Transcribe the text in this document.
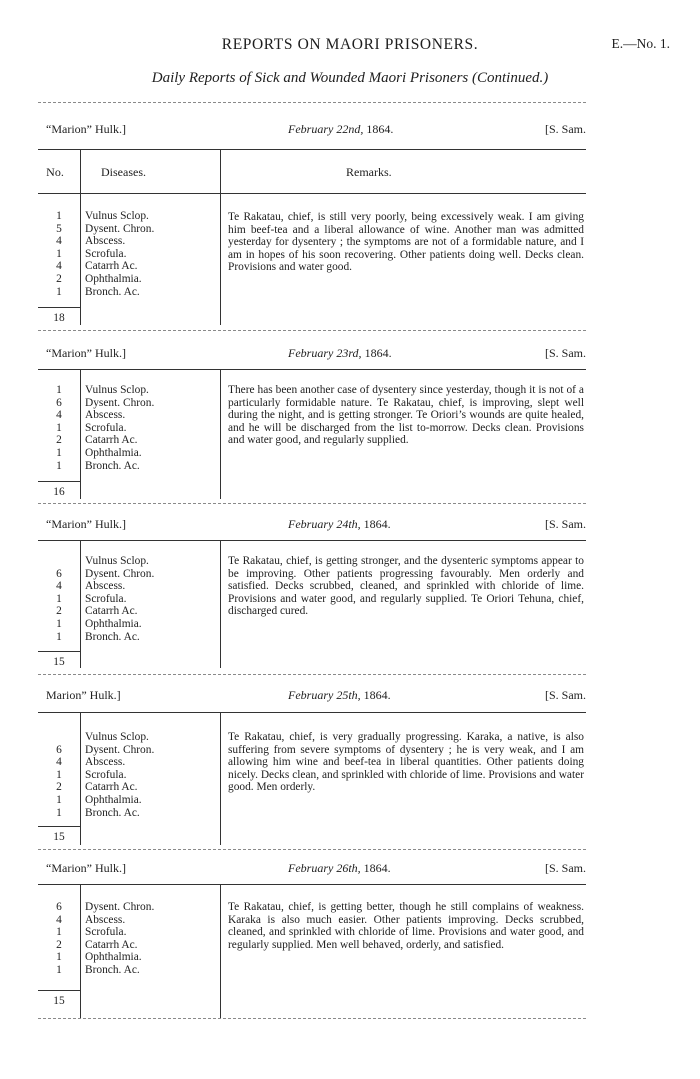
REPORTS ON MAORI PRISONERS.	E.—No. 1.
Daily Reports of Sick and Wounded Maori Prisoners (Continued.)
“Marion” Hulk.]	February 22nd, 1864.	[S. Sam.
No.	Diseases.	Remarks.
1	Vulnus Sclop.
5	Dysent. Chron.
4	Abscess.
1	Scrofula.
4	Catarrh Ac.
2	Ophthalmia.
1	Bronch. Ac.
Te Rakatau, chief, is still very poorly, being excessively weak. I am giving him beef-tea and a liberal allowance of wine. Another man was admitted yesterday for dysentery ; the symptoms are not of a formidable nature, and I am in hopes of his soon recovering. Other patients doing well. Decks clean. Provisions and water good.
18
“Marion” Hulk.]	February 23rd, 1864.	[S. Sam.
1	Vulnus Sclop.
6	Dysent. Chron.
4	Abscess.
1	Scrofula.
2	Catarrh Ac.
1	Ophthalmia.
1	Bronch. Ac.
There has been another case of dysentery since yesterday, though it is not of a particularly formidable nature. Te Rakatau, chief, is improving, slept well during the night, and is getting stronger. Te Oriori’s wounds are quite healed, and he will be discharged from the list to-morrow. Decks clean. Provisions and water good, and regularly supplied.
16
“Marion” Hulk.]	February 24th, 1864.	[S. Sam.
Vulnus Sclop.
6	Dysent. Chron.
4	Abscess.
1	Scrofula.
2	Catarrh Ac.
1	Ophthalmia.
1	Bronch. Ac.
Te Rakatau, chief, is getting stronger, and the dysenteric symptoms appear to be improving. Other patients progressing favourably. Men orderly and satisfied. Decks scrubbed, cleaned, and sprinkled with chloride of lime. Provisions and water good, and regularly supplied. Te Oriori Tehuna, chief, discharged cured.
15
Marion” Hulk.]	February 25th, 1864.	[S. Sam.
Vulnus Sclop.
6	Dysent. Chron.
4	Abscess.
1	Scrofula.
2	Catarrh Ac.
1	Ophthalmia.
1	Bronch. Ac.
Te Rakatau, chief, is very gradually progressing. Karaka, a native, is also suffering from severe symptoms of dysentery ; he is very weak, and I am allowing him wine and beef-tea in liberal quantities. Other patients doing nicely. Decks clean, and sprinkled with chloride of lime. Provisions and water good. Men orderly.
15
“Marion” Hulk.]	February 26th, 1864.	[S. Sam.
6	Dysent. Chron.
4	Abscess.
1	Scrofula.
2	Catarrh Ac.
1	Ophthalmia.
1	Bronch. Ac.
Te Rakatau, chief, is getting better, though he still complains of weakness. Karaka is also much easier. Other patients improving. Decks scrubbed, cleaned, and sprinkled with chloride of lime. Provisions and water good, and regularly supplied. Men well behaved, orderly, and satisfied.
15
